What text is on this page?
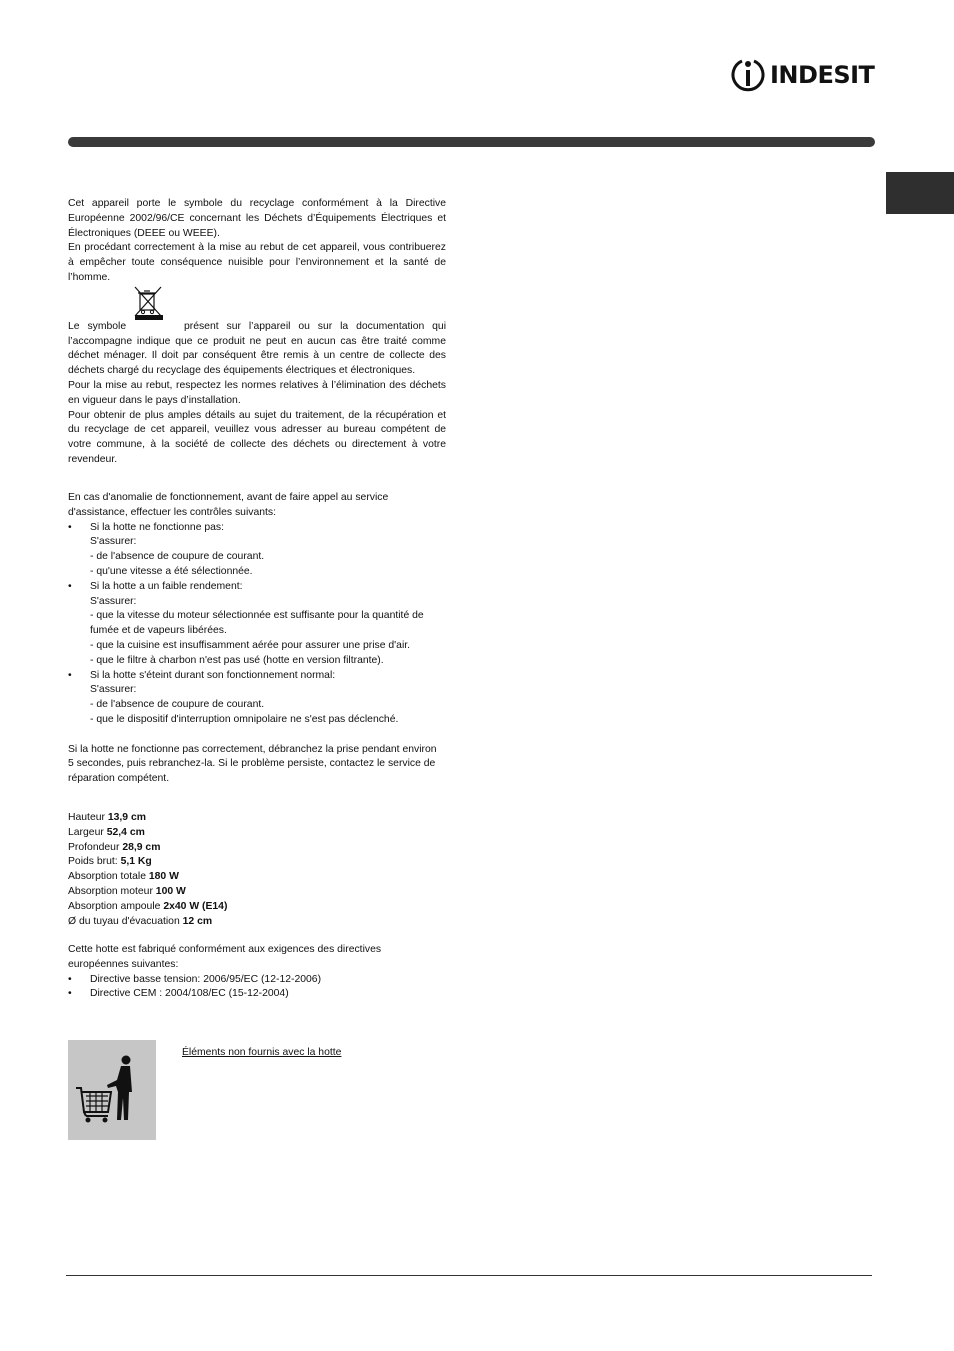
INDESIT

Cet appareil porte le symbole du recyclage conformément à la Directive Européenne 2002/96/CE concernant les Déchets d’Équipements Électriques et Électroniques (DEEE ou WEEE).

En procédant correctement à la mise au rebut de cet appareil, vous contribuerez à empêcher toute conséquence nuisible pour l’environnement et la santé de l’homme.

Le symbole	présent sur l’appareil ou sur la documentation qui l’accompagne indique que ce produit ne peut en aucun cas être traité comme déchet ménager. Il doit par conséquent être remis à un centre de collecte des déchets chargé du recyclage des équipements électriques et électroniques.

Pour la mise au rebut, respectez les normes relatives à l’élimination des déchets en vigueur dans le pays d’installation.

Pour obtenir de plus amples détails au sujet du traitement, de la récupération et du recyclage de cet appareil, veuillez vous adresser au bureau compétent de votre commune, à la société de collecte des déchets ou directement à votre revendeur.

En cas d'anomalie de fonctionnement, avant de faire appel au service

d'assistance, effectuer les contrôles suivants:

•	Si la hotte ne fonctionne pas:

S'assurer:

- de l'absence de coupure de courant.

- qu'une vitesse a été sélectionnée.

•	Si la hotte a un faible rendement:

S'assurer:

- que la vitesse du moteur sélectionnée est suffisante pour la quantité de

fumée et de vapeurs libérées.

- que la cuisine est insuffisamment aérée pour assurer une prise d'air.

- que le filtre à charbon n'est pas usé (hotte en version filtrante).

•	Si la hotte s'éteint durant son fonctionnement normal:

S'assurer:

- de l'absence de coupure de courant.

- que le dispositif d'interruption omnipolaire ne s'est pas déclenché.

Si la hotte ne fonctionne pas correctement, débranchez la prise pendant environ

5 secondes, puis rebranchez-la. Si le problème persiste, contactez le service de

réparation compétent.

Hauteur 13,9 cm

Largeur 52,4 cm

Profondeur 28,9 cm

Poids brut: 5,1 Kg

Absorption totale 180 W

Absorption moteur 100 W

Absorption ampoule 2x40 W (E14)

Ø du tuyau d'évacuation 12 cm

Cette hotte est fabriqué conformément aux exigences des directives

européennes suivantes:

•	Directive basse tension: 2006/95/EC (12-12-2006)
•	Directive CEM : 2004/108/EC (15-12-2004)
Éléments non fournis avec la hotte
